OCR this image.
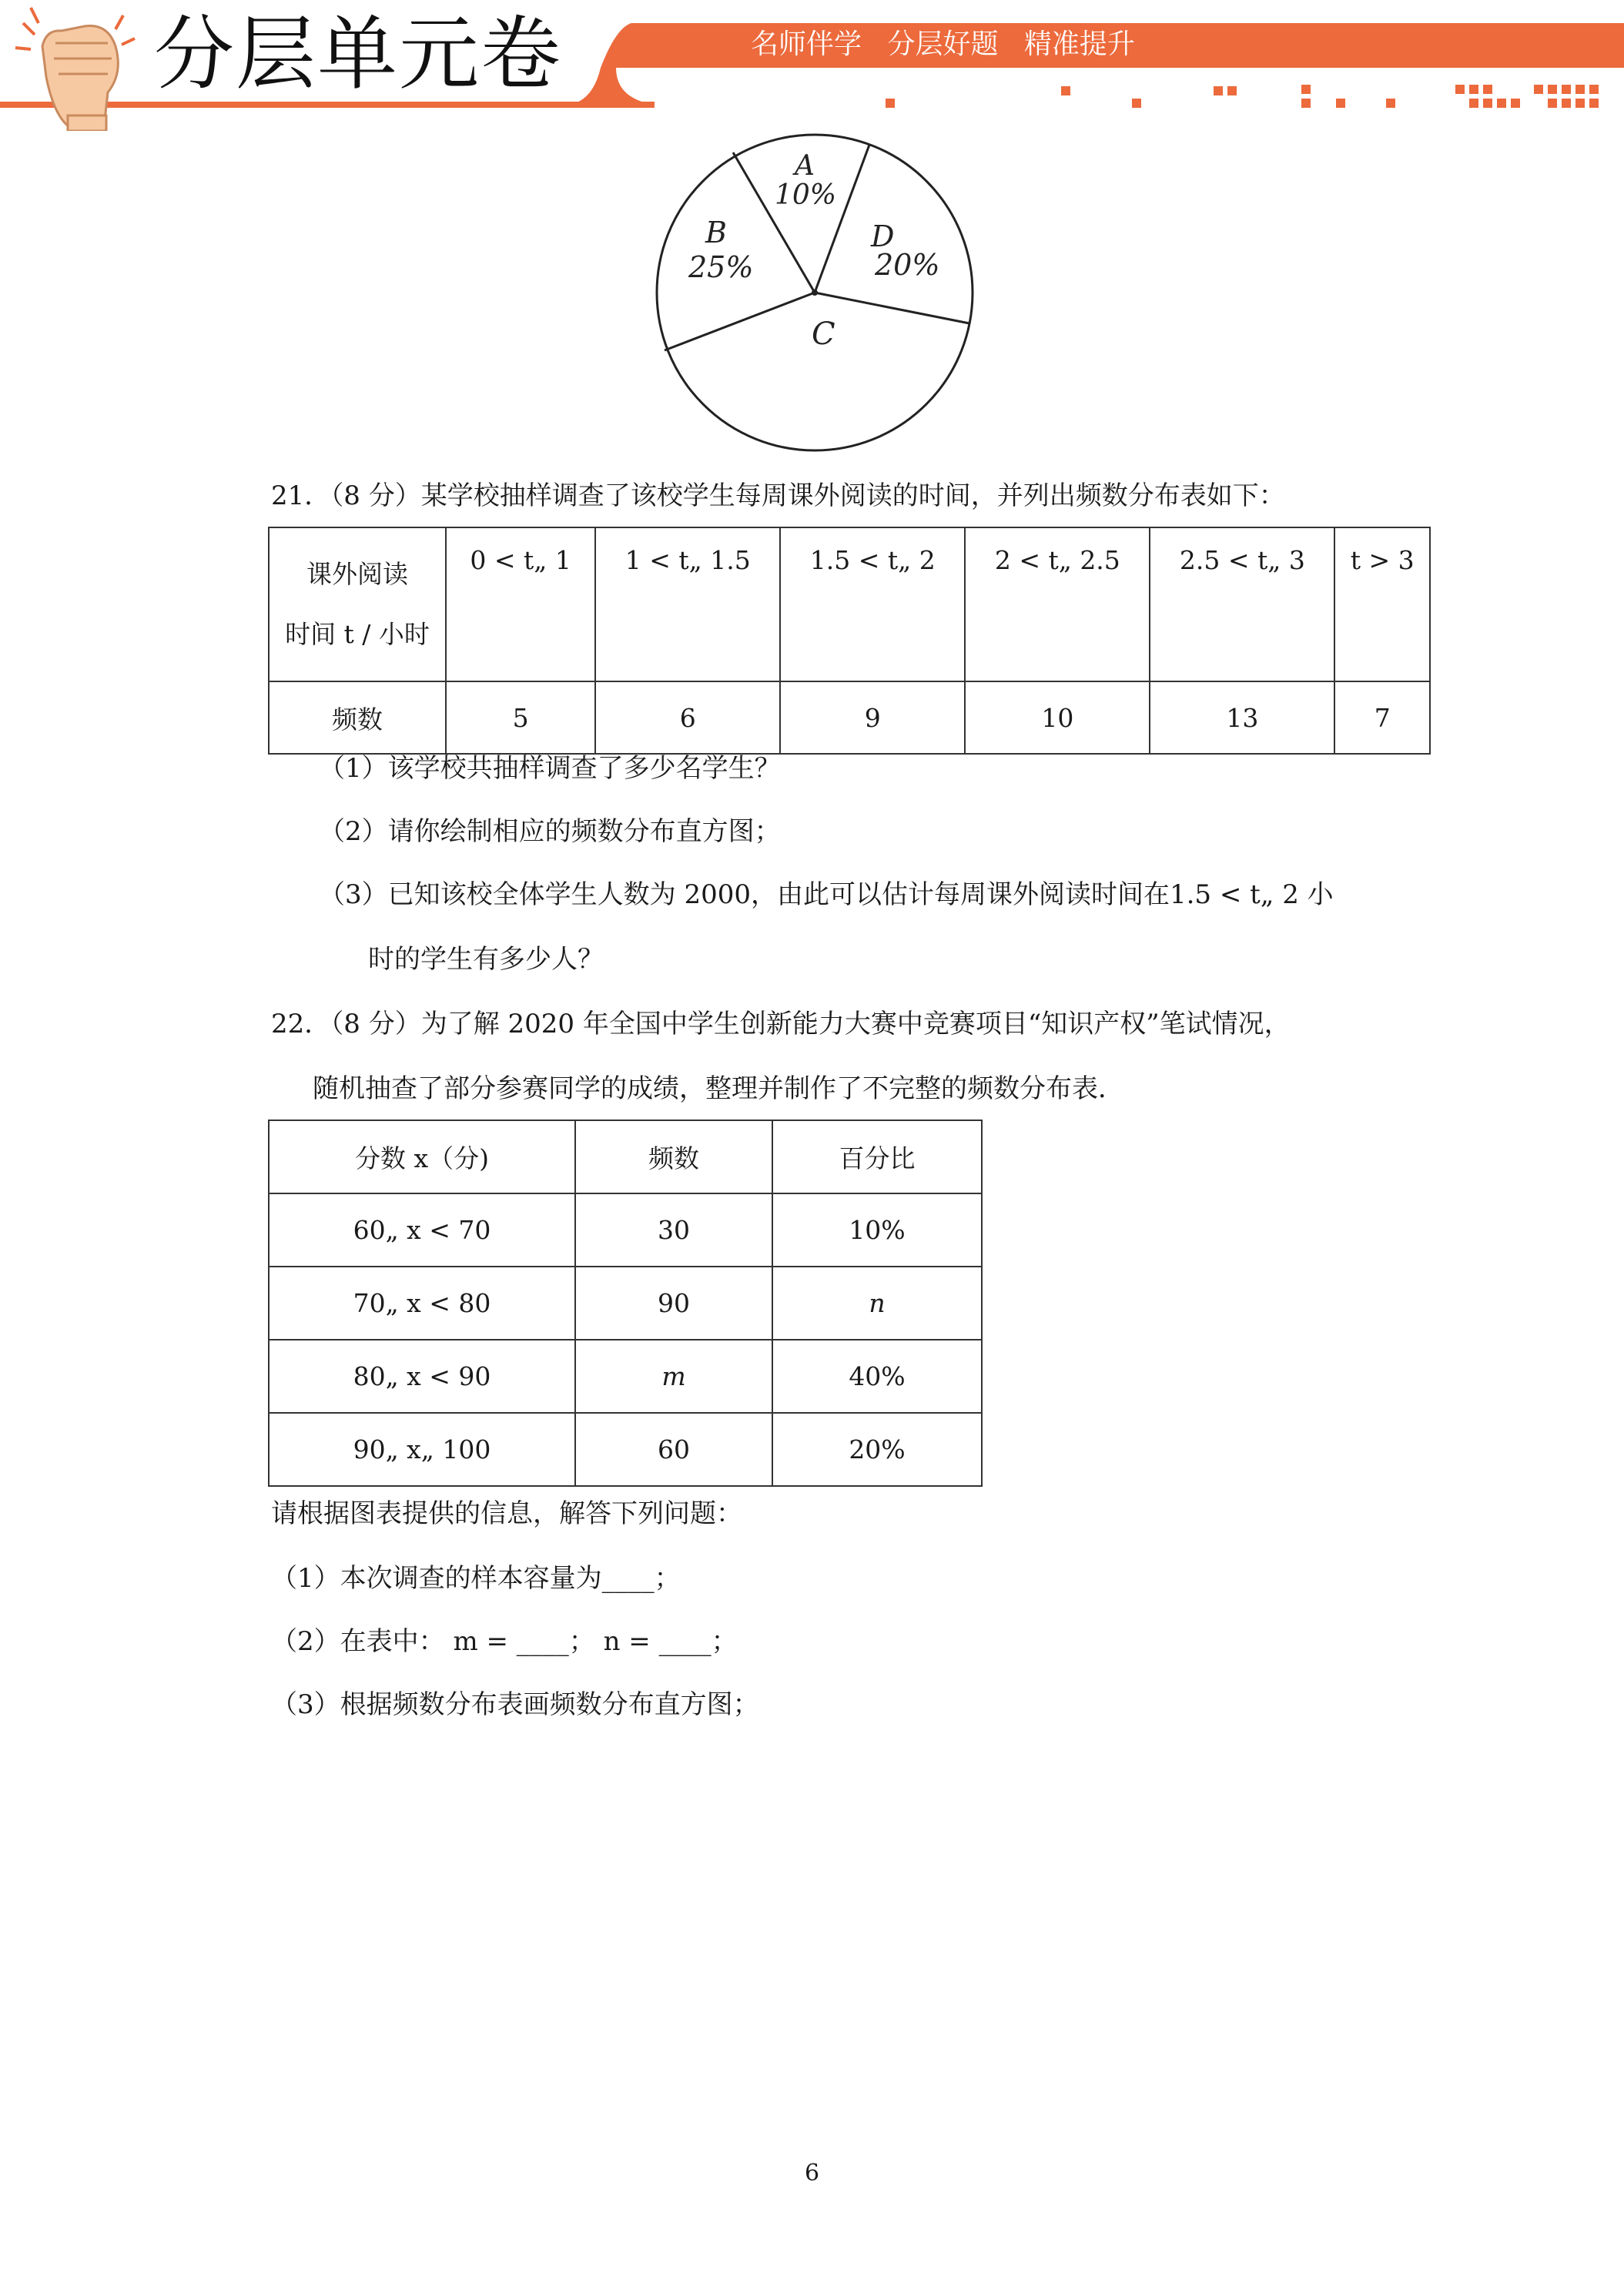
分层单元卷	名师伴学 分层好题 精准提升
A
10%
B
25%
D
20%
C
21．（8 分）某学校抽样调查了该校学生每周课外阅读的时间，并列出频数分布表如下：
课外阅读
时间 t / 小时	0 < t„ 1	1 < t„ 1.5	1.5 < t„ 2	2 < t„ 2.5	2.5 < t„ 3	t > 3
频数	5	6	9	10	13	7
（1）该学校共抽样调查了多少名学生？
（2）请你绘制相应的频数分布直方图；
（3）已知该校全体学生人数为 2000，由此可以估计每周课外阅读时间在1.5 < t„ 2 小
时的学生有多少人？
22．（8 分）为了解 2020 年全国中学生创新能力大赛中竞赛项目“知识产权”笔试情况，
随机抽查了部分参赛同学的成绩，整理并制作了不完整的频数分布表．
分数 x（分)	频数	百分比
60„ x < 70	30	10%
70„ x < 80	90	n
80„ x < 90	m	40%
90„ x„ 100	60	20%
请根据图表提供的信息，解答下列问题：
（1）本次调查的样本容量为____；
（2）在表中： m = ____； n = ____；
（3）根据频数分布表画频数分布直方图；
6
